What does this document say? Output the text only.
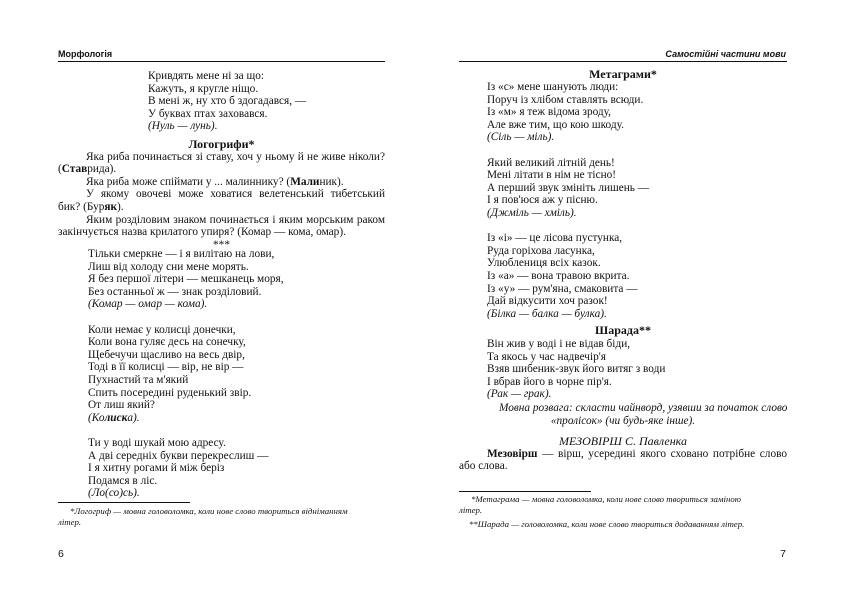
Морфологія
Кривдять мене ні за що:
Кажуть, я кругле ніщо.
В мені ж, ну хто б здогадався, —
У буквах птах заховався.
(Нуль — лунь).
Логогрифи*
Яка риба починається зі ставу, хоч у ньому й не живе ніколи?
(Ставрида).
Яка риба може спіймати у ... малиннику? (Малиник).
У якому овочеві може ховатися велетенський тибетський
бик? (Буряк).
Яким розділовим знаком починається і яким морським раком
закінчується назва крилатого упиря? (Комар — кома, омар).
***
Тільки смеркне — і я вилітаю на лови,
Лиш від холоду сни мене морять.
Я без першої літери — мешканець моря,
Без останньої ж — знак розділовий.
(Комар — омар — кома).
Коли немає у колисці донечки,
Коли вона гуляє десь на сонечку,
Щебечучи щасливо на весь двір,
Тоді в її колисці — вір, не вір —
Пухнастий та м'який
Спить посередині руденький звір.
От лиш який?
(Колиска).
Ти у воді шукай мою адресу.
А дві середніх букви перекреслиш —
І я хитну рогами й між беріз
Подамся в ліс.
(Ло(со)сь).
*Логогриф — мовна головоломка, коли нове слово твориться відніманням
літер.
6
Самостійні частини мови
Метаграми*
Із «с» мене шанують люди:
Поруч із хлібом ставлять всюди.
Із «м» я теж відома зроду,
Але вже тим, що кою шкоду.
(Сіль — міль).
Який великий літній день!
Мені літати в нім не тісно!
А перший звук змініть лишень —
І я пов'юся аж у пісню.
(Джміль — хміль).
Із «і» — це лісова пустунка,
Руда горіхова ласунка,
Улюблениця всіх казок.
Із «а» — вона травою вкрита.
Із «у» — рум'яна, смаковита —
Дай відкусити хоч разок!
(Білка — балка — булка).
Шарада**
Він жив у воді і не відав біди,
Та якось у час надвечір'я
Взяв шибеник-звук його витяг з води
І вбрав його в чорне пір'я.
(Рак — грак).
Мовна розвага: скласти чайнворд, узявши за початок слово
«пролісок» (чи будь-яке інше).
МЕЗОВІРШ С. Павленка
Мезовірш — вірш, усередині якого сховано потрібне слово
або слова.
*Метаграма — мовна головоломка, коли нове слово твориться заміною
літер.
**Шарада — головоломка, коли нове слово твориться додаванням літер.
7
